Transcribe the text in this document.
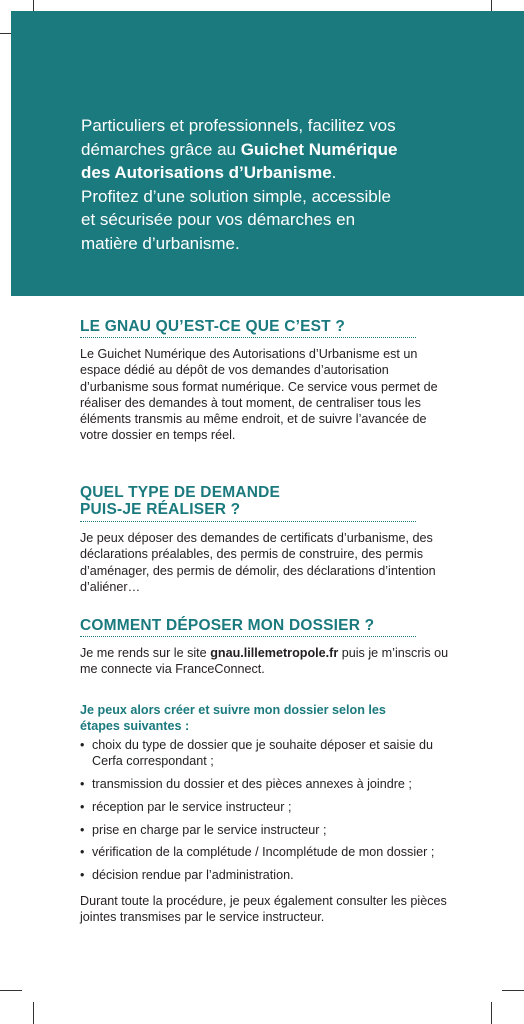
Particuliers et professionnels, facilitez vos
démarches grâce au Guichet Numérique
des Autorisations d’Urbanisme.
Profitez d’une solution simple, accessible
et sécurisée pour vos démarches en
matière d’urbanisme.
LE GNAU QU’EST-CE QUE C’EST ?
Le Guichet Numérique des Autorisations d’Urbanisme est un espace dédié au dépôt de vos demandes d’autorisation d’urbanisme sous format numérique. Ce service vous permet de réaliser des demandes à tout moment, de centraliser tous les éléments transmis au même endroit, et de suivre l’avancée de votre dossier en temps réel.
QUEL TYPE DE DEMANDE
PUIS-JE RÉALISER ?
Je peux déposer des demandes de certificats d’urbanisme, des déclarations préalables, des permis de construire, des permis d’aménager, des permis de démolir, des déclarations d’intention d’aliéner…
COMMENT DÉPOSER MON DOSSIER ?
Je me rends sur le site gnau.lillemetropole.fr puis je m’inscris ou me connecte via FranceConnect.
Je peux alors créer et suivre mon dossier selon les étapes suivantes :
• choix du type de dossier que je souhaite déposer et saisie du Cerfa correspondant ;
• transmission du dossier et des pièces annexes à joindre ;
• réception par le service instructeur ;
• prise en charge par le service instructeur ;
• vérification de la complétude / Incomplétude de mon dossier ;
• décision rendue par l’administration.
Durant toute la procédure, je peux également consulter les pièces jointes transmises par le service instructeur.
